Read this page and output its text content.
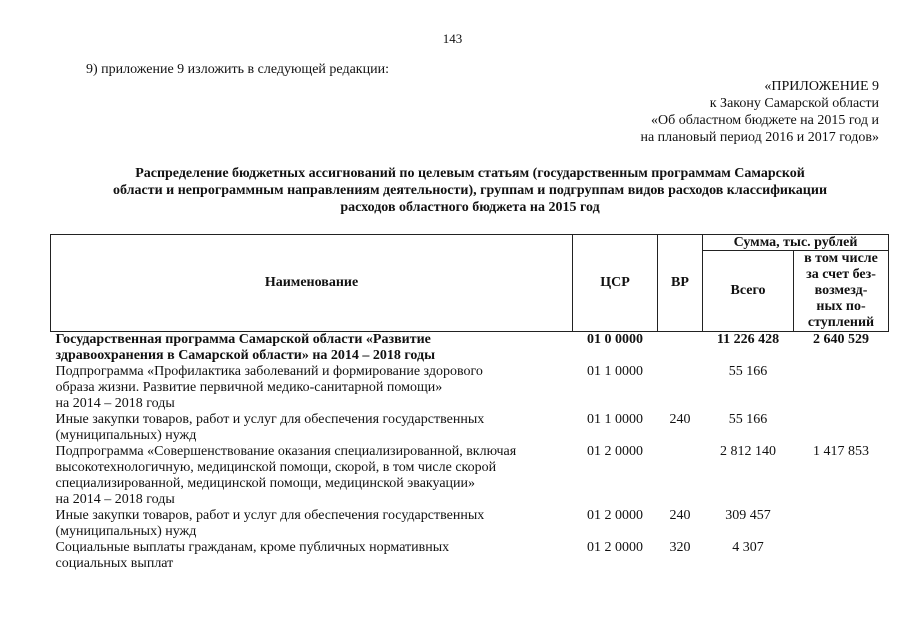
143
9) приложение 9 изложить в следующей редакции:
«ПРИЛОЖЕНИЕ 9
к Закону Самарской области
«Об областном бюджете на 2015 год и
на плановый период 2016 и 2017 годов»
Распределение бюджетных ассигнований по целевым статьям (государственным программам Самарской
области и непрограммным направлениям деятельности), группам и подгруппам видов расходов классификации
расходов областного бюджета на 2015 год
Наименование	ЦСР	ВР	Сумма, тыс. рублей	
			Всего	в том числе
за счет без-
возмезд-
ных по-
ступлений

Государственная программа Самарской области «Развитие
здравоохранения в Самарской области» на 2014 – 2018 годы	01 0 0000		11 226 428	2 640 529

Подпрограмма «Профилактика заболеваний и формирование здорового
образа жизни. Развитие первичной медико-санитарной помощи»
на 2014 – 2018 годы	01 1 0000		55 166	

Иные закупки товаров, работ и услуг для обеспечения государственных
(муниципальных) нужд	01 1 0000	240	55 166	

Подпрограмма «Совершенствование оказания специализированной, включая
высокотехнологичную, медицинской помощи, скорой, в том числе скорой
специализированной, медицинской помощи, медицинской эвакуации»
на 2014 – 2018 годы	01 2 0000		2 812 140	1 417 853

Иные закупки товаров, работ и услуг для обеспечения государственных
(муниципальных) нужд	01 2 0000	240	309 457	

Социальные выплаты гражданам, кроме публичных нормативных
социальных выплат	01 2 0000	320	4 307	
